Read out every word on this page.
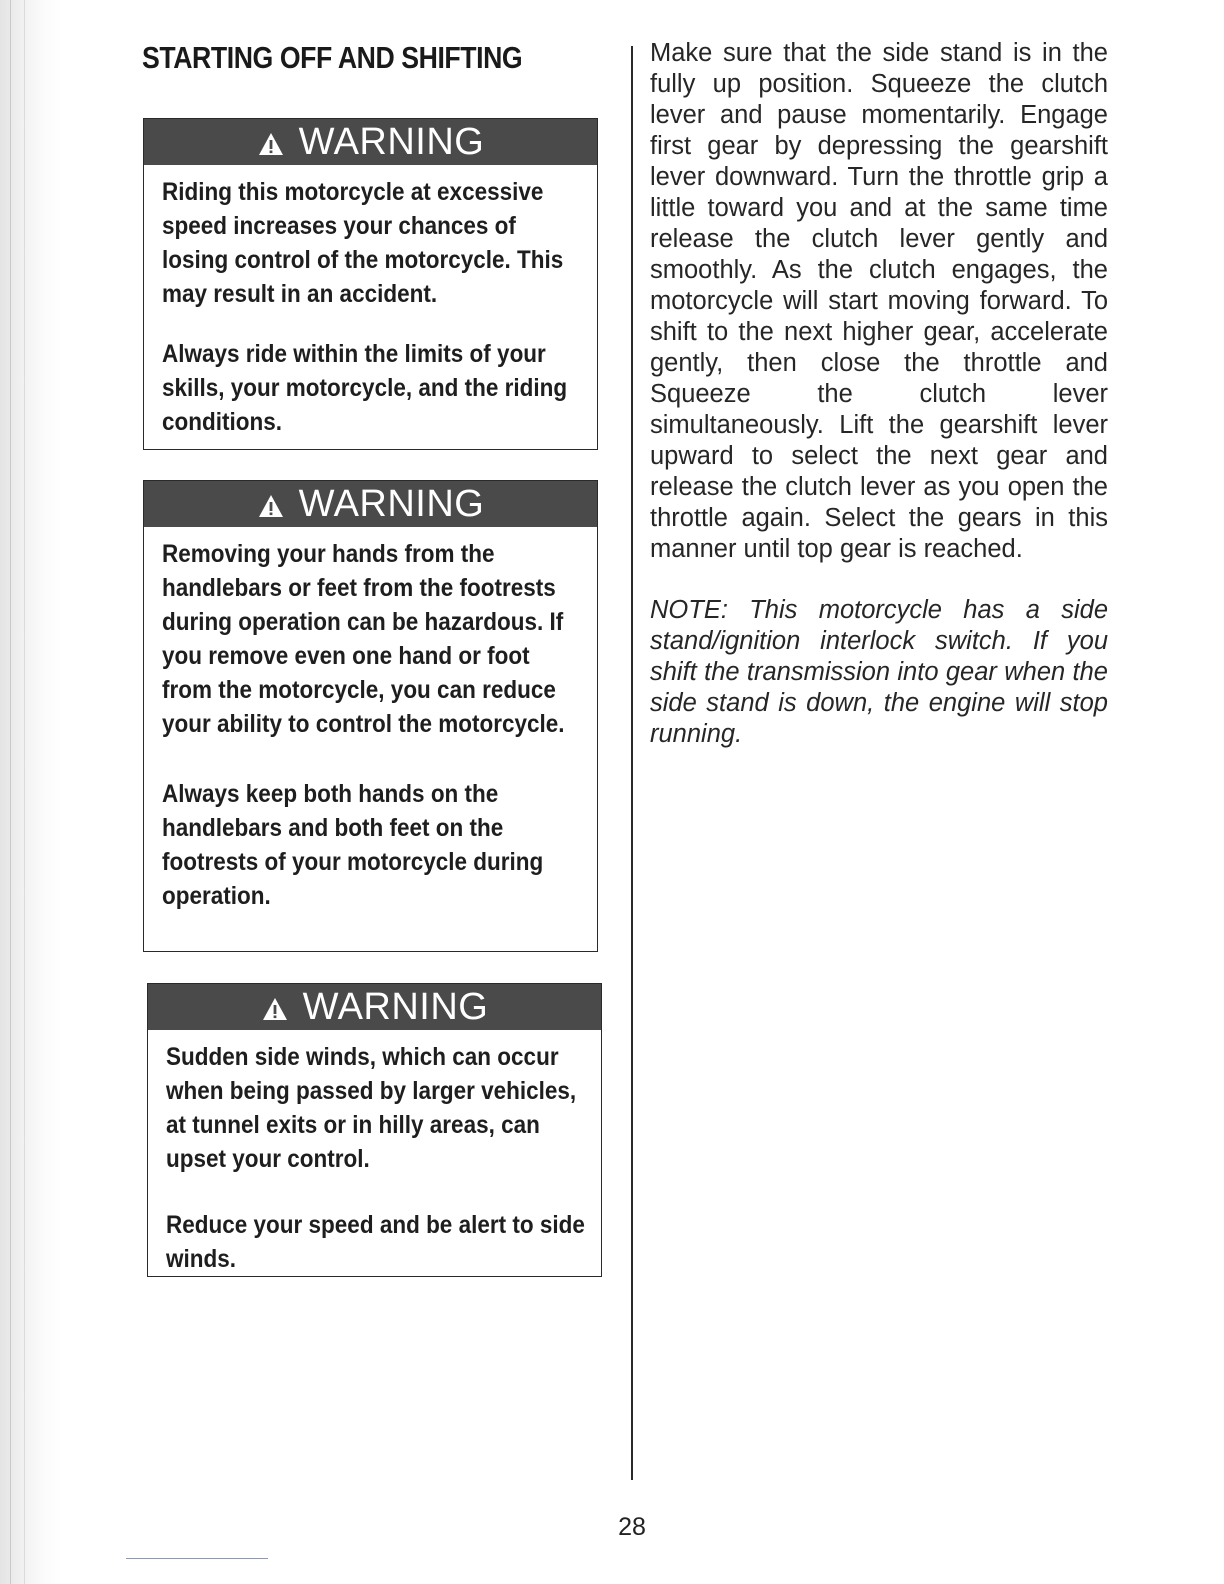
STARTING OFF AND SHIFTING
WARNING

Riding this motorcycle at excessive speed increases your chances of losing control of the motorcycle. This may result in an accident.

Always ride within the limits of your skills, your motorcycle, and the riding conditions.

WARNING

Removing your hands from the handlebars or feet from the footrests during operation can be hazardous. If you remove even one hand or foot from the motorcycle, you can reduce your ability to control the motorcycle.

Always keep both hands on the handlebars and both feet on the footrests of your motorcycle during operation.

WARNING

Sudden side winds, which can occur when being passed by larger vehicles, at tunnel exits or in hilly areas, can upset your control.

Reduce your speed and be alert to side winds.

Make sure that the side stand is in the fully up position. Squeeze the clutch lever and pause momentarily. Engage first gear by depressing the gearshift lever downward. Turn the throttle grip a little toward you and at the same time release the clutch lever gently and smoothly. As the clutch engages, the motorcycle will start moving forward. To shift to the next higher gear, accelerate gently, then close the throttle and Squeeze the clutch lever simultaneously. Lift the gearshift lever upward to select the next gear and release the clutch lever as you open the throttle again. Select the gears in this manner until top gear is reached.

NOTE: This motorcycle has a side stand/ignition interlock switch. If you shift the transmission into gear when the side stand is down, the engine will stop running.

28
